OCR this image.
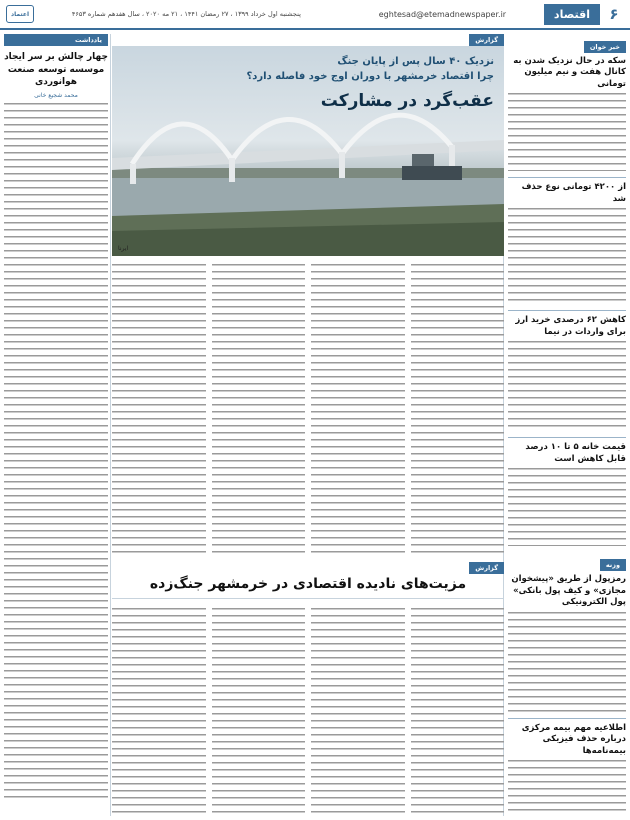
۶
اقتصاد
eghtesad@etemadnewspaper.ir
پنجشنبه اول خرداد ۱۳۹۹ ، ۲۷ رمضان ۱۴۴۱ ، ۲۱ مه ۲۰۲۰ ، سال هفدهم شماره ۴۶۵۳
اعتماد
خبر خوان
سکه در حال نزدیک شدن به کانال هفت و نیم میلیون تومانی
از ۴۲۰۰ تومانی نوع حذف شد
کاهش ۶۲ درصدی خرید ارز برای واردات در نیما
قیمت خانه ۵ تا ۱۰ درصد قابل کاهش است
وزنه
رمزپول از طریق «پیشخوان مجازی» و کیف پول بانکی» پول الکترونیکی
اطلاعیه مهم بیمه مرکزی درباره حذف فیزیکی بیمه‌نامه‌ها
یادداشت
چهار چالش بر سر ایجاد موسسه توسعه صنعت هوانوردی
محمد شجیع خانی
گزارش
نزدیک ۴۰ سال پس از پایان جنگ
چرا اقتصاد خرمشهر با دوران اوج خود فاصله دارد؟
عقب‌گرد در مشارکت
ایرنا
گزارش
مزیت‌های نادیده اقتصادی در خرمشهر جنگ‌زده
